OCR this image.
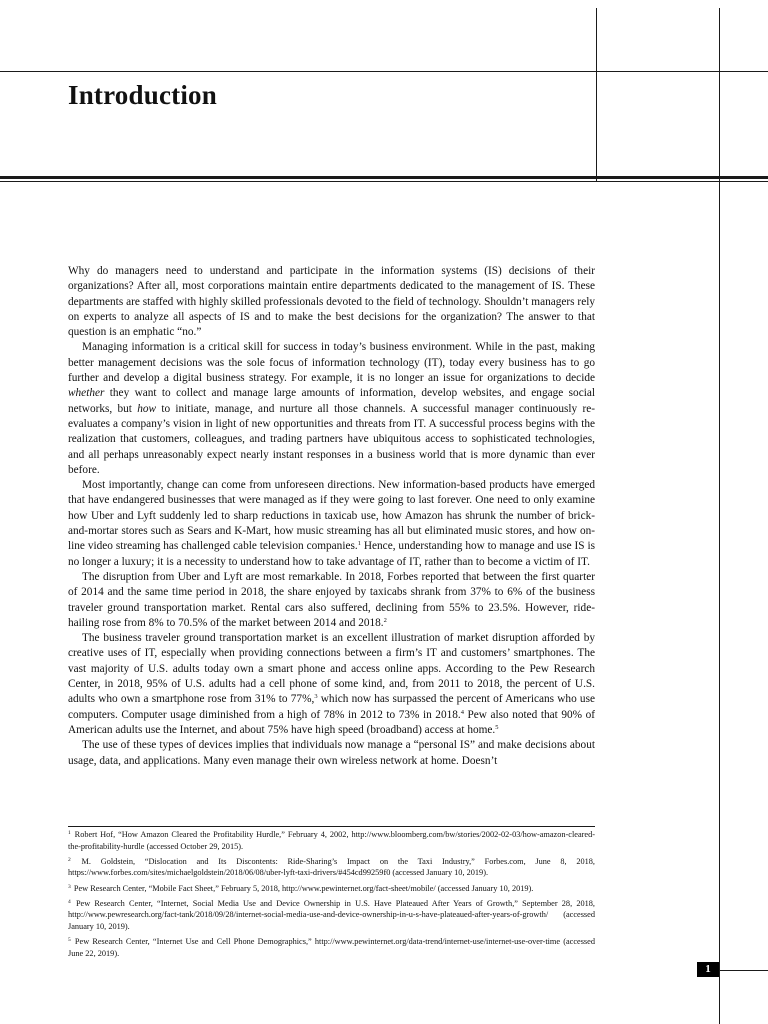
Introduction

Why do managers need to understand and participate in the information systems (IS) decisions of their organizations? After all, most corporations maintain entire departments dedicated to the management of IS. These departments are staffed with highly skilled professionals devoted to the field of technology. Shouldn’t managers rely on experts to analyze all aspects of IS and to make the best decisions for the organization? The answer to that question is an emphatic “no.”

Managing information is a critical skill for success in today’s business environment. While in the past, making better management decisions was the sole focus of information technology (IT), today every business has to go further and develop a digital business strategy. For example, it is no longer an issue for organizations to decide whether they want to collect and manage large amounts of information, develop websites, and engage social networks, but how to initiate, manage, and nurture all those channels. A successful manager continuously re-evaluates a company’s vision in light of new opportunities and threats from IT. A successful process begins with the realization that customers, colleagues, and trading partners have ubiquitous access to sophisticated technologies, and all perhaps unreasonably expect nearly instant responses in a business world that is more dynamic than ever before.

Most importantly, change can come from unforeseen directions. New information-based products have emerged that have endangered businesses that were managed as if they were going to last forever. One need to only examine how Uber and Lyft suddenly led to sharp reductions in taxicab use, how Amazon has shrunk the number of brick-and-mortar stores such as Sears and K-Mart, how music streaming has all but eliminated music stores, and how on-line video streaming has challenged cable television companies.$^1$ Hence, understanding how to manage and use IS is no longer a luxury; it is a necessity to understand how to take advantage of IT, rather than to become a victim of IT.

The disruption from Uber and Lyft are most remarkable. In 2018, Forbes reported that between the first quarter of 2014 and the same time period in 2018, the share enjoyed by taxicabs shrank from 37% to 6% of the business traveler ground transportation market. Rental cars also suffered, declining from 55% to 23.5%. However, ride-hailing rose from 8% to 70.5% of the market between 2014 and 2018.$^2$

The business traveler ground transportation market is an excellent illustration of market disruption afforded by creative uses of IT, especially when providing connections between a firm’s IT and customers’ smartphones. The vast majority of U.S. adults today own a smart phone and access online apps. According to the Pew Research Center, in 2018, 95% of U.S. adults had a cell phone of some kind, and, from 2011 to 2018, the percent of U.S. adults who own a smartphone rose from 31% to 77%,$^3$ which now has surpassed the percent of Americans who use computers. Computer usage diminished from a high of 78% in 2012 to 73% in 2018.$^4$ Pew also noted that 90% of American adults use the Internet, and about 75% have high speed (broadband) access at home.$^5$

The use of these types of devices implies that individuals now manage a “personal IS” and make decisions about usage, data, and applications. Many even manage their own wireless network at home. Doesn’t

$^1$ Robert Hof, “How Amazon Cleared the Profitability Hurdle,” February 4, 2002, http://www.bloomberg.com/bw/stories/2002-02-03/how-amazon-cleared-the-profitability-hurdle (accessed October 29, 2015).

$^2$ M. Goldstein, “Dislocation and Its Discontents: Ride-Sharing’s Impact on the Taxi Industry,” Forbes.com, June 8, 2018, https://www.forbes.com/sites/michaelgoldstein/2018/06/08/uber-lyft-taxi-drivers/#454cd99259f0 (accessed January 10, 2019).

$^3$ Pew Research Center, “Mobile Fact Sheet,” February 5, 2018, http://www.pewinternet.org/fact-sheet/mobile/ (accessed January 10, 2019).

$^4$ Pew Research Center, “Internet, Social Media Use and Device Ownership in U.S. Have Plateaued After Years of Growth,” September 28, 2018, http://www.pewresearch.org/fact-tank/2018/09/28/internet-social-media-use-and-device-ownership-in-u-s-have-plateaued-after-years-of-growth/ (accessed January 10, 2019).

$^5$ Pew Research Center, “Internet Use and Cell Phone Demographics,” http://www.pewinternet.org/data-trend/internet-use/internet-use-over-time (accessed June 22, 2019).

1
